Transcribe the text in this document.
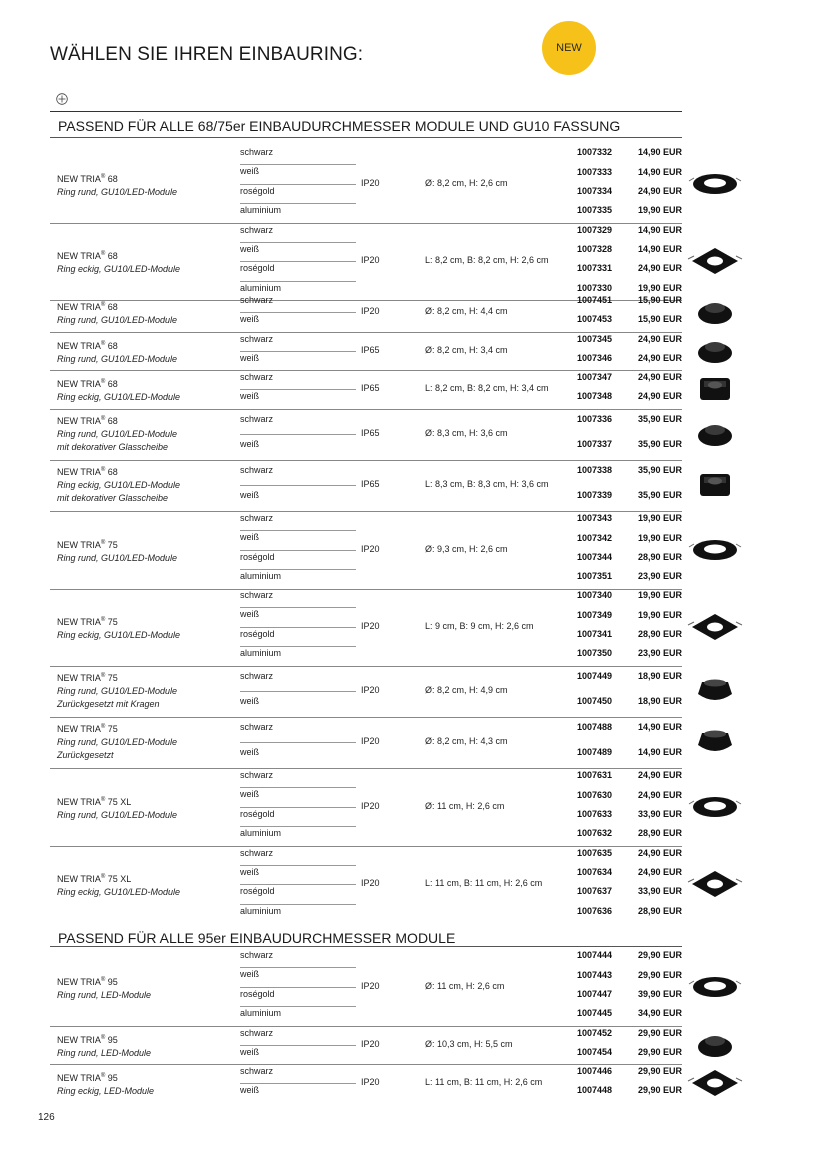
WÄHLEN SIE IHREN EINBAURING:	NEW
PASSEND FÜR ALLE 68/75er EINBAUDURCHMESSER MODULE UND GU10 FASSUNG
PASSEND FÜR ALLE 95er EINBAUDURCHMESSER MODULE
NEW TRIA® 68
Ring rund, GU10/LED-Module
schwarz	1007332	14,90 EUR
weiß	1007333	14,90 EUR
roségold	1007334	24,90 EUR
aluminium	1007335	19,90 EUR
IP20	Ø: 8,2 cm, H: 2,6 cm
NEW TRIA® 68
Ring eckig, GU10/LED-Module
schwarz	1007329	14,90 EUR
weiß	1007328	14,90 EUR
roségold	1007331	24,90 EUR
aluminium	1007330	19,90 EUR
IP20	L: 8,2 cm, B: 8,2 cm, H: 2,6 cm
NEW TRIA® 68
Ring rund, GU10/LED-Module
schwarz	1007451	15,90 EUR
weiß	1007453	15,90 EUR
IP20	Ø: 8,2 cm, H: 4,4 cm
NEW TRIA® 68
Ring rund, GU10/LED-Module
schwarz	1007345	24,90 EUR
weiß	1007346	24,90 EUR
IP65	Ø: 8,2 cm, H: 3,4 cm
NEW TRIA® 68
Ring eckig, GU10/LED-Module
schwarz	1007347	24,90 EUR
weiß	1007348	24,90 EUR
IP65	L: 8,2 cm, B: 8,2 cm, H: 3,4 cm
NEW TRIA® 68
Ring rund, GU10/LED-Module
mit dekorativer Glasscheibe
schwarz	1007336	35,90 EUR
weiß	1007337	35,90 EUR
IP65	Ø: 8,3 cm, H: 3,6 cm
NEW TRIA® 68
Ring eckig, GU10/LED-Module
mit dekorativer Glasscheibe
schwarz	1007338	35,90 EUR
weiß	1007339	35,90 EUR
IP65	L: 8,3 cm, B: 8,3 cm, H: 3,6 cm
NEW TRIA® 75
Ring rund, GU10/LED-Module
schwarz	1007343	19,90 EUR
weiß	1007342	19,90 EUR
roségold	1007344	28,90 EUR
aluminium	1007351	23,90 EUR
IP20	Ø: 9,3 cm, H: 2,6 cm
NEW TRIA® 75
Ring eckig, GU10/LED-Module
schwarz	1007340	19,90 EUR
weiß	1007349	19,90 EUR
roségold	1007341	28,90 EUR
aluminium	1007350	23,90 EUR
IP20	L: 9 cm, B: 9 cm, H: 2,6 cm
NEW TRIA® 75
Ring rund, GU10/LED-Module
Zurückgesetzt mit Kragen
schwarz	1007449	18,90 EUR
weiß	1007450	18,90 EUR
IP20	Ø: 8,2 cm, H: 4,9 cm
NEW TRIA® 75
Ring rund, GU10/LED-Module
Zurückgesetzt
schwarz	1007488	14,90 EUR
weiß	1007489	14,90 EUR
IP20	Ø: 8,2 cm, H: 4,3 cm
NEW TRIA® 75 XL
Ring rund, GU10/LED-Module
schwarz	1007631	24,90 EUR
weiß	1007630	24,90 EUR
roségold	1007633	33,90 EUR
aluminium	1007632	28,90 EUR
IP20	Ø: 11 cm, H: 2,6 cm
NEW TRIA® 75 XL
Ring eckig, GU10/LED-Module
schwarz	1007635	24,90 EUR
weiß	1007634	24,90 EUR
roségold	1007637	33,90 EUR
aluminium	1007636	28,90 EUR
IP20	L: 11 cm, B: 11 cm, H: 2,6 cm
NEW TRIA® 95
Ring rund, LED-Module
schwarz	1007444	29,90 EUR
weiß	1007443	29,90 EUR
roségold	1007447	39,90 EUR
aluminium	1007445	34,90 EUR
IP20	Ø: 11 cm, H: 2,6 cm
NEW TRIA® 95
Ring rund, LED-Module
schwarz	1007452	29,90 EUR
weiß	1007454	29,90 EUR
IP20	Ø: 10,3 cm, H: 5,5 cm
NEW TRIA® 95
Ring eckig, LED-Module
schwarz	1007446	29,90 EUR
weiß	1007448	29,90 EUR
IP20	L: 11 cm, B: 11 cm, H: 2,6 cm
126
